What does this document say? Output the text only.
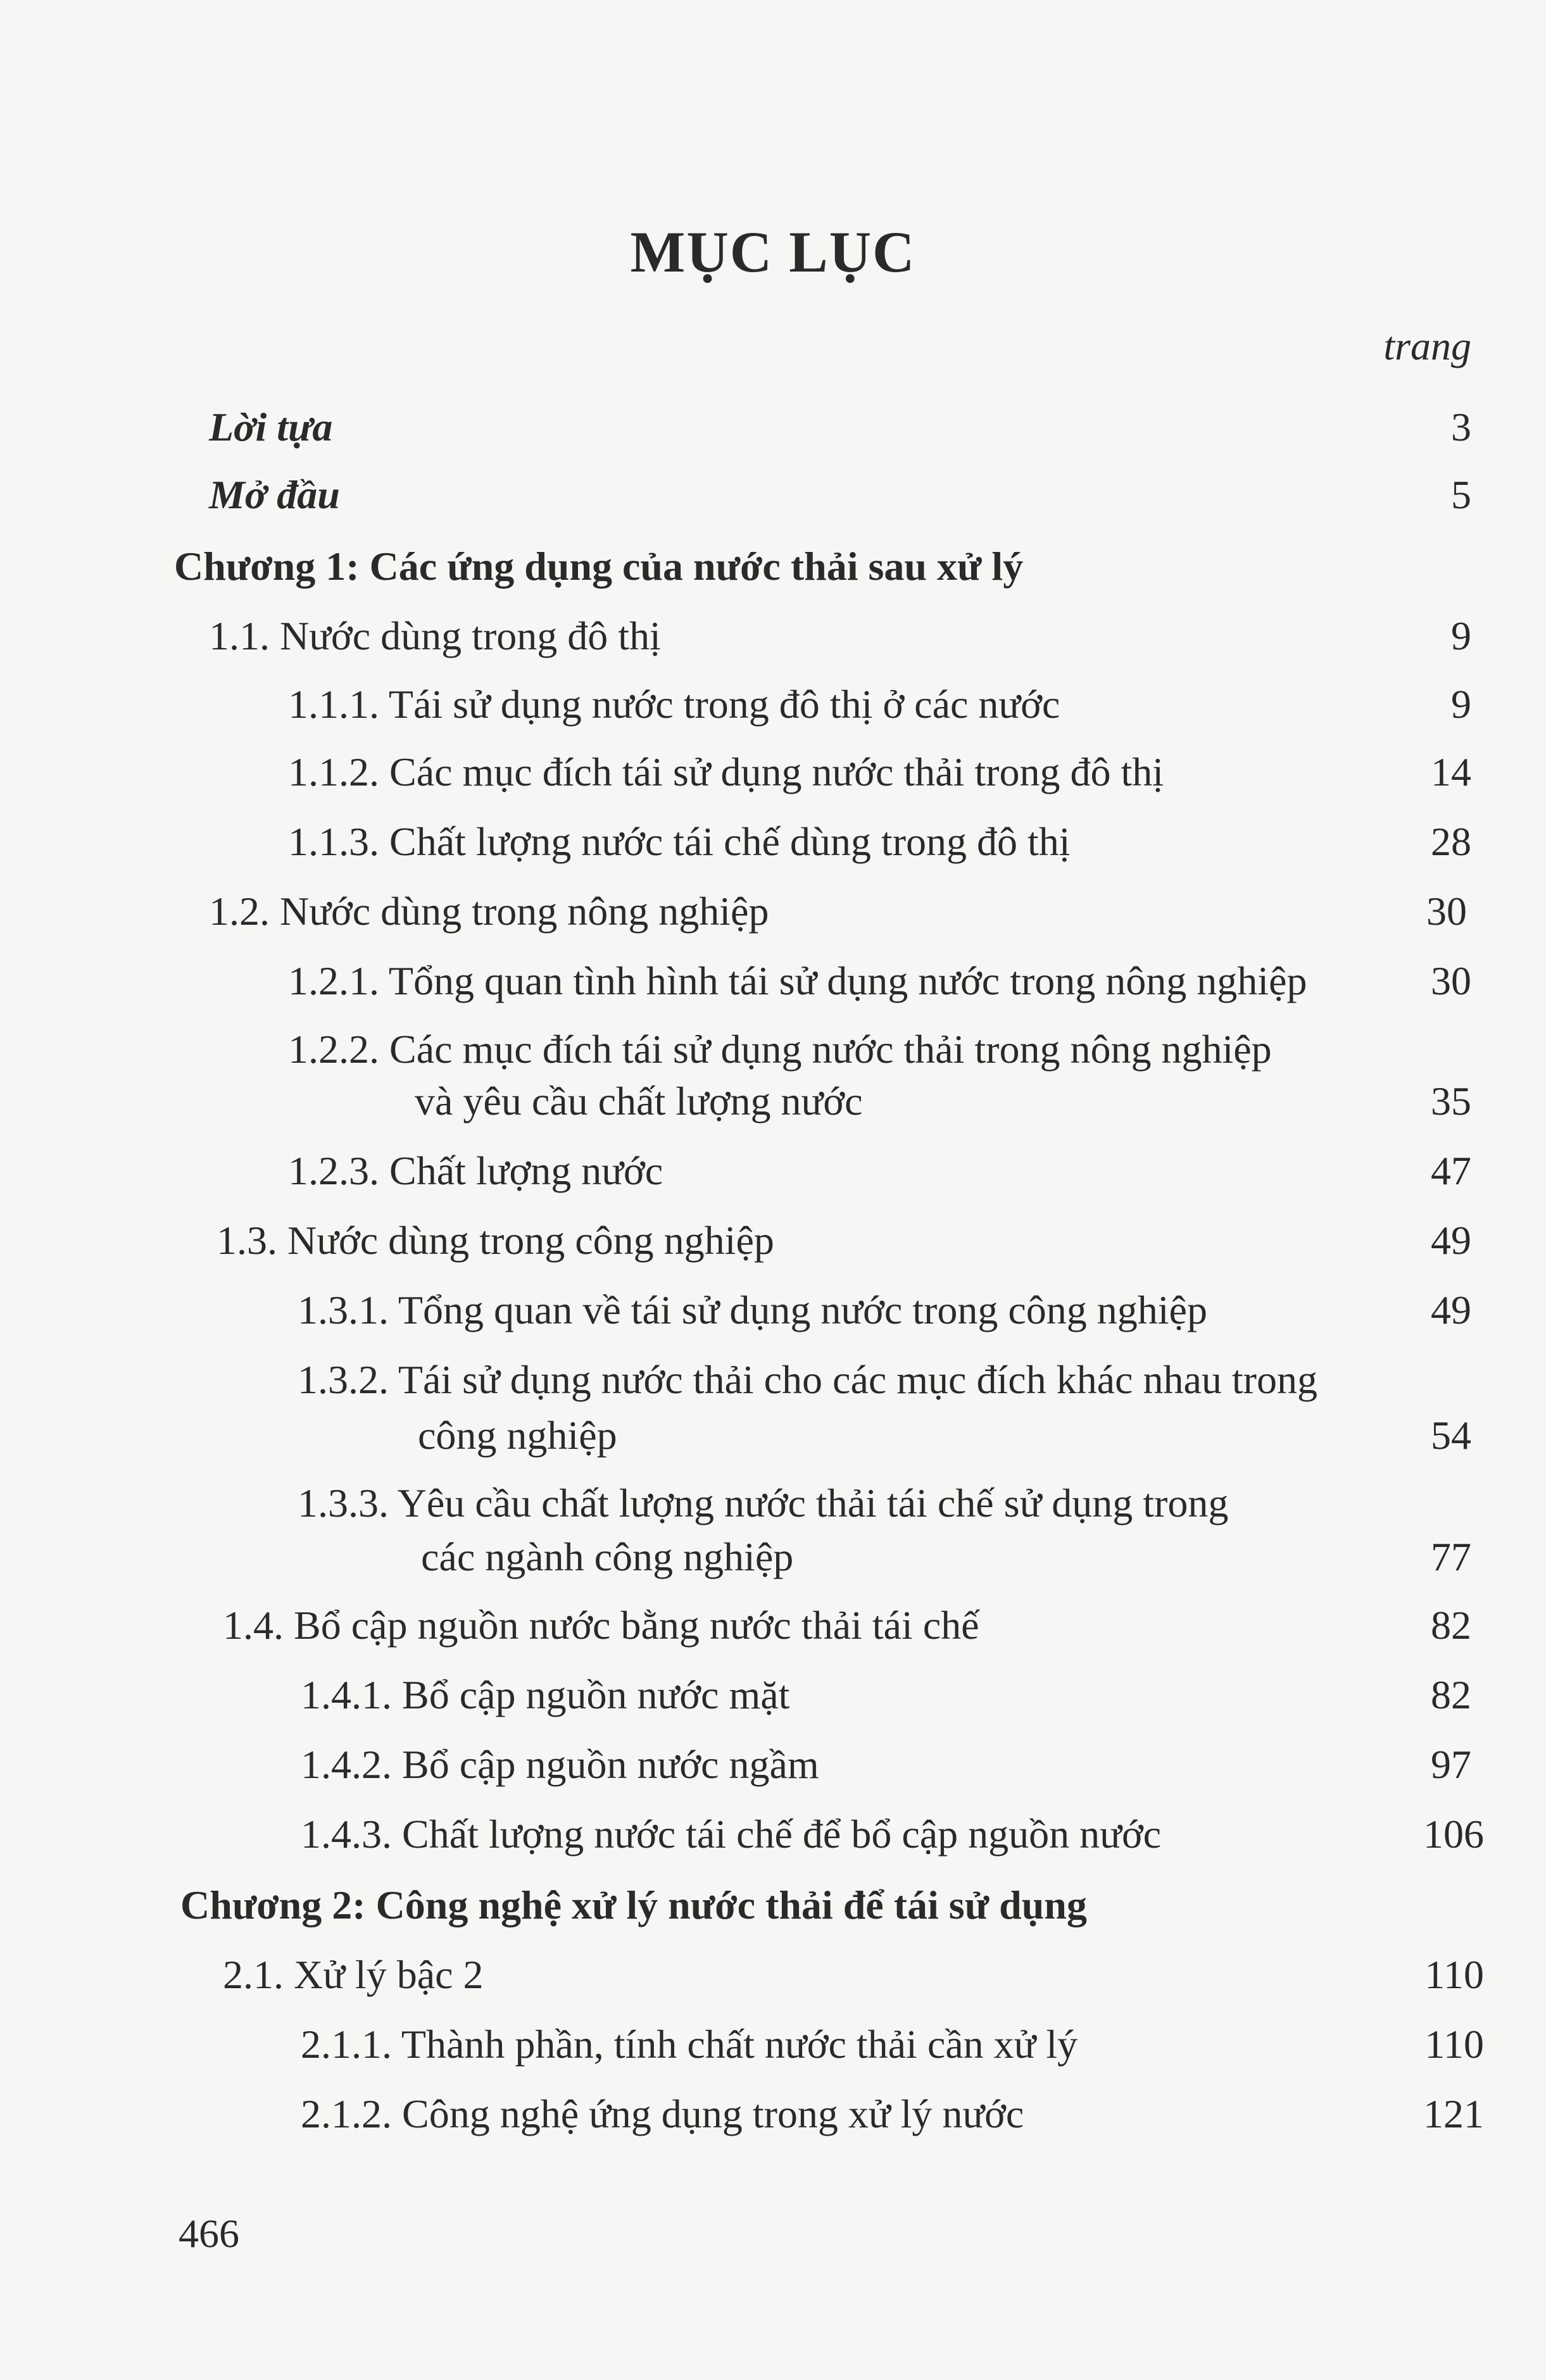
MỤC LỤC
trang
Lời tựa	3
Mở đầu	5
Chương 1: Các ứng dụng của nước thải sau xử lý
1.1. Nước dùng trong đô thị	9
1.1.1. Tái sử dụng nước trong đô thị ở các nước	9
1.1.2. Các mục đích tái sử dụng nước thải trong đô thị	14
1.1.3. Chất lượng nước tái chế dùng trong đô thị	28
1.2. Nước dùng trong nông nghiệp	30
1.2.1. Tổng quan tình hình tái sử dụng nước trong nông nghiệp	30
1.2.2. Các mục đích tái sử dụng nước thải trong nông nghiệp
và yêu cầu chất lượng nước	35
1.2.3. Chất lượng nước	47
1.3. Nước dùng trong công nghiệp	49
1.3.1. Tổng quan về tái sử dụng nước trong công nghiệp	49
1.3.2. Tái sử dụng nước thải cho các mục đích khác nhau trong
công nghiệp	54
1.3.3. Yêu cầu chất lượng nước thải tái chế sử dụng trong
các ngành công nghiệp	77
1.4. Bổ cập nguồn nước bằng nước thải tái chế	82
1.4.1. Bổ cập nguồn nước mặt	82
1.4.2. Bổ cập nguồn nước ngầm	97
1.4.3. Chất lượng nước tái chế để bổ cập nguồn nước	106
Chương 2: Công nghệ xử lý nước thải để tái sử dụng
2.1. Xử lý bậc 2	110
2.1.1. Thành phần, tính chất nước thải cần xử lý	110
2.1.2. Công nghệ ứng dụng trong xử lý nước	121
466
